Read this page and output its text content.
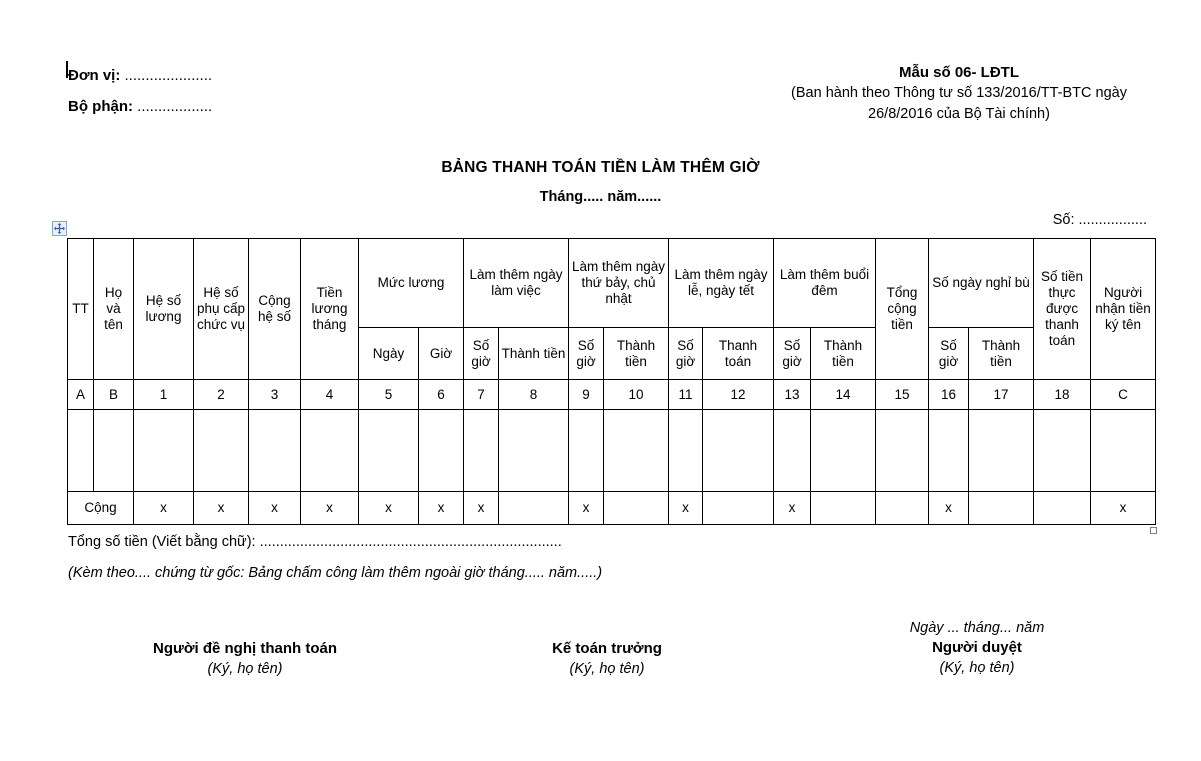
Đơn vị: .....................
Bộ phận: ..................
Mẫu số 06- LĐTL
(Ban hành theo Thông tư số 133/2016/TT-BTC ngày 26/8/2016 của Bộ Tài chính)
BẢNG THANH TOÁN TIỀN LÀM THÊM GIỜ
Tháng..... năm......
Số: .................
TT	Họ và tên	Hệ số lương	Hệ số phụ cấp chức vụ	Cộng hệ số	Tiền lương tháng	Mức lương		Làm thêm ngày làm việc		Làm thêm ngày thứ bảy, chủ nhật		Làm thêm ngày lễ, ngày tết		Làm thêm buổi đêm		Tổng cộng tiền	Số ngày nghỉ bù		Số tiền thực được thanh toán	Người nhận tiền ký tên
						Ngày	Giờ	Số giờ	Thành tiền	Số giờ	Thành tiền	Số giờ	Thanh toán	Số giờ	Thành tiền		Số giờ	Thành tiền		
A	B	1	2	3	4	5	6	7	8	9	10	11	12	13	14	15	16	17	18	C

Cộng		x	x	x	x	x	x	x		x		x		x			x			x
Tổng số tiền (Viết bằng chữ): ...........................................................................
(Kèm theo.... chứng từ gốc: Bảng chấm công làm thêm ngoài giờ tháng..... năm.....)
Người đề nghị thanh toán
(Ký, họ tên)
Kế toán trưởng
(Ký, họ tên)
Ngày ... tháng... năm
Người duyệt
(Ký, họ tên)
